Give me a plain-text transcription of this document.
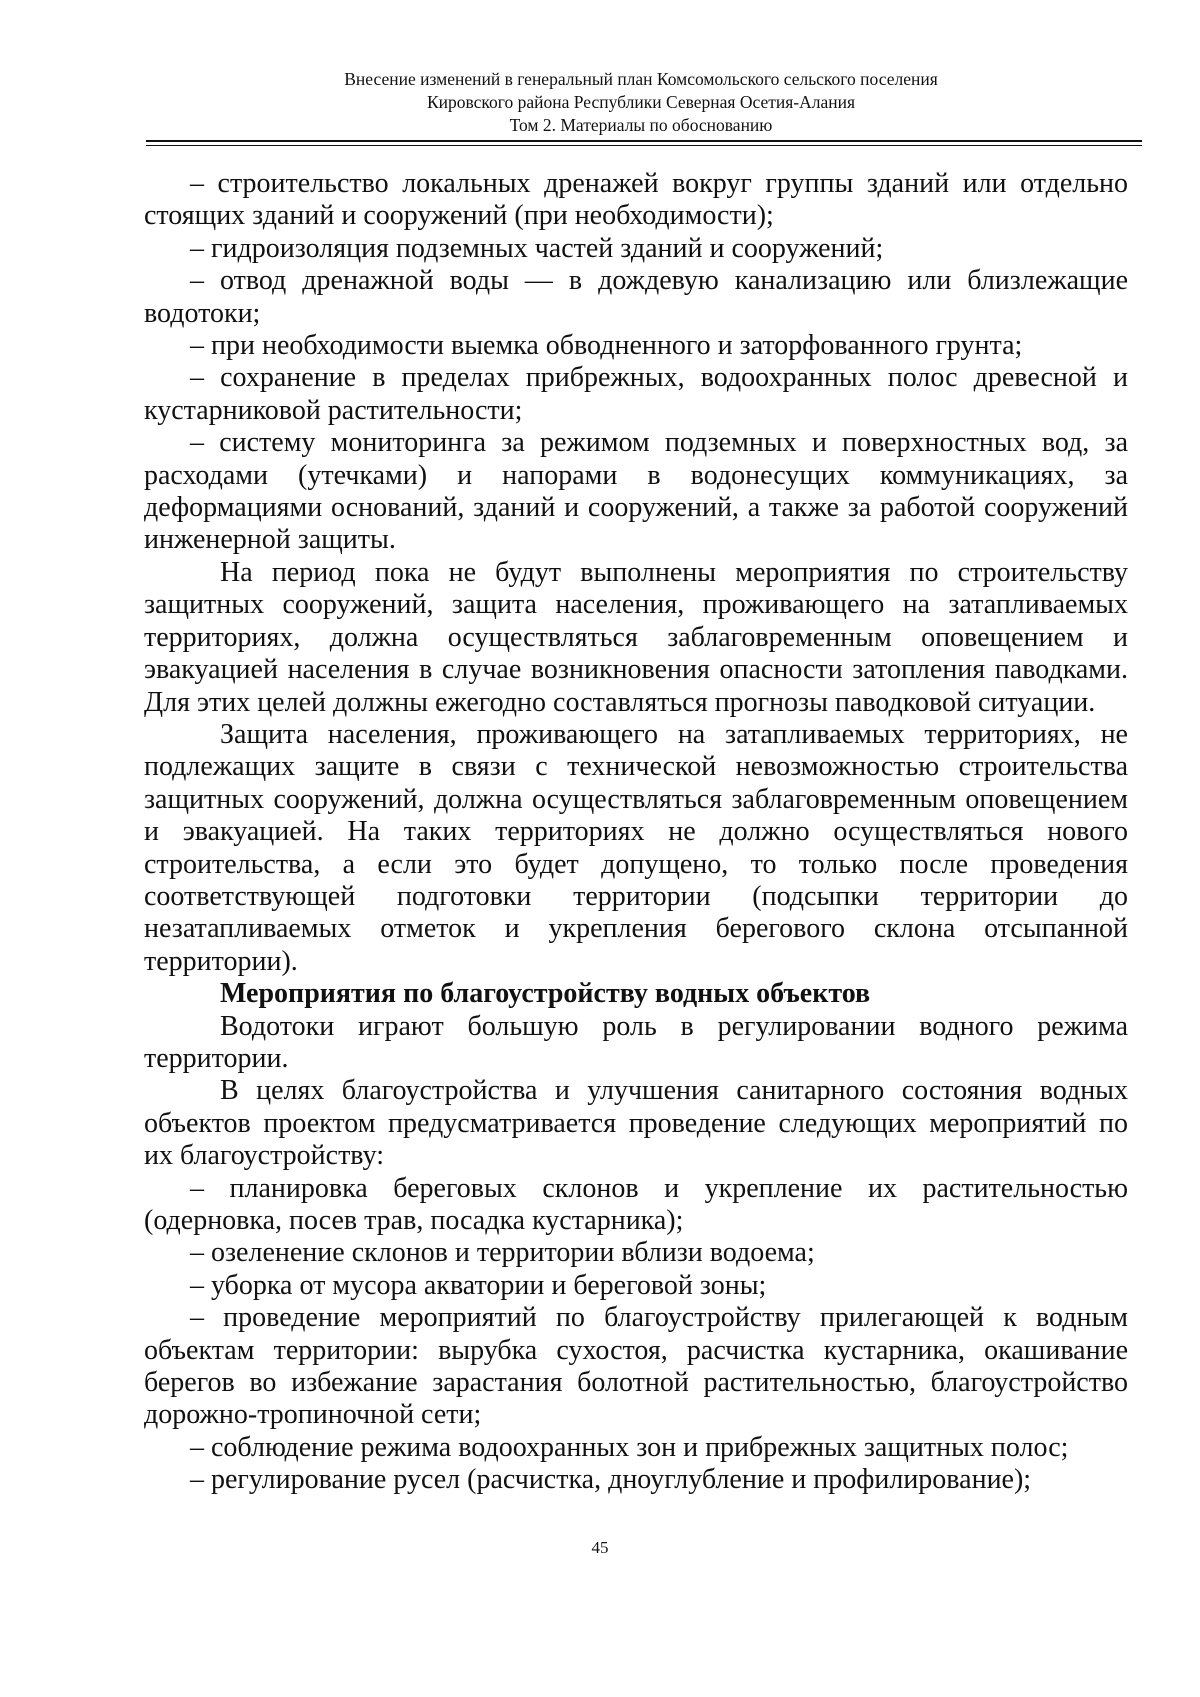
Внесение изменений в генеральный план Комсомольского сельского поселения
Кировского района Республики Северная Осетия-Алания
Том 2. Материалы по обоснованию

– строительство локальных дренажей вокруг группы зданий или отдельно стоящих зданий и сооружений (при необходимости);

– гидроизоляция подземных частей зданий и сооружений;

– отвод дренажной воды — в дождевую канализацию или близлежащие водотоки;

– при необходимости выемка обводненного и заторфованного грунта;

– сохранение в пределах прибрежных, водоохранных полос древесной и кустарниковой растительности;

– систему мониторинга за режимом подземных и поверхностных вод, за расходами (утечками) и напорами в водонесущих коммуникациях, за деформациями оснований, зданий и сооружений, а также за работой сооружений инженерной защиты.

На период пока не будут выполнены мероприятия по строительству защитных сооружений, защита населения, проживающего на затапливаемых территориях, должна осуществляться заблаговременным оповещением и эвакуацией населения в случае возникновения опасности затопления паводками. Для этих целей должны ежегодно составляться прогнозы паводковой ситуации.

Защита населения, проживающего на затапливаемых территориях, не подлежащих защите в связи с технической невозможностью строительства защитных сооружений, должна осуществляться заблаговременным оповещением и эвакуацией. На таких территориях не должно осуществляться нового строительства, а если это будет допущено, то только после проведения соответствующей подготовки территории (подсыпки территории до незатапливаемых отметок и укрепления берегового склона отсыпанной территории).

Мероприятия по благоустройству водных объектов

Водотоки играют большую роль в регулировании водного режима территории.

В целях благоустройства и улучшения санитарного состояния водных объектов проектом предусматривается проведение следующих мероприятий по их благоустройству:

– планировка береговых склонов и укрепление их растительностью (одерновка, посев трав, посадка кустарника);

– озеленение склонов и территории вблизи водоема;

– уборка от мусора акватории и береговой зоны;

– проведение мероприятий по благоустройству прилегающей к водным объектам территории: вырубка сухостоя, расчистка кустарника, окашивание берегов во избежание зарастания болотной растительностью, благоустройство дорожно-тропиночной сети;

– соблюдение режима водоохранных зон и прибрежных защитных полос;

– регулирование русел (расчистка, дноуглубление и профилирование);

45
